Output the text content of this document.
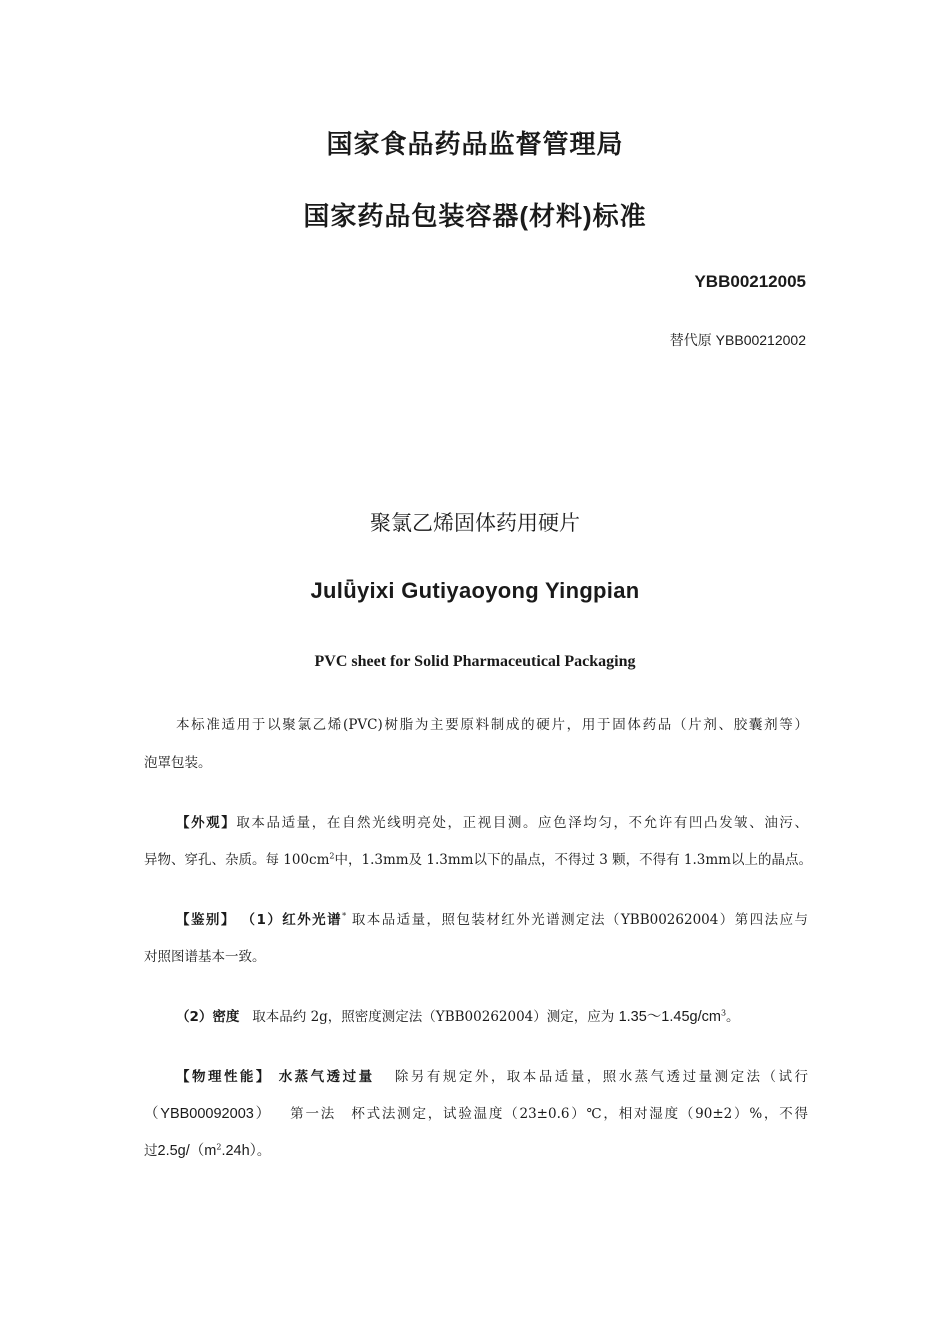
国家食品药品监督管理局
国家药品包装容器(材料)标准
YBB00212005
替代原 YBB00212002
聚氯乙烯固体药用硬片
Julǖyixi Gutiyaoyong Yingpian
PVC sheet for Solid Pharmaceutical Packaging
本标准适用于以聚氯乙烯(PVC)树脂为主要原料制成的硬片，用于固体药品（片剂、胶囊剂等）
泡罩包装。
【外观】取本品适量，在自然光线明亮处，正视目测。应色泽均匀，不允许有凹凸发皱、油污、
异物、穿孔、杂质。每 $100cm^2$中，1.3mm及 1.3mm以下的晶点，不得过 3 颗，不得有 1.3mm以上的晶点。
【鉴别】 （1）红外光谱* 取本品适量，照包装材红外光谱测定法（YBB00262004）第四法应与
对照图谱基本一致。
（2）密度 取本品约 2g，照密度测定法（YBB00262004）测定，应为 $1.35\sim 1.45g/cm^3$。
【物理性能】 水蒸气透过量 除另有规定外，取本品适量，照水蒸气透过量测定法（试行
（YBB00092003） 第一法　杯式法测定，试验温度（23±0.6）℃，相对湿度（90±2）%，不得
过$2.5g/(m^2.24h)$。
